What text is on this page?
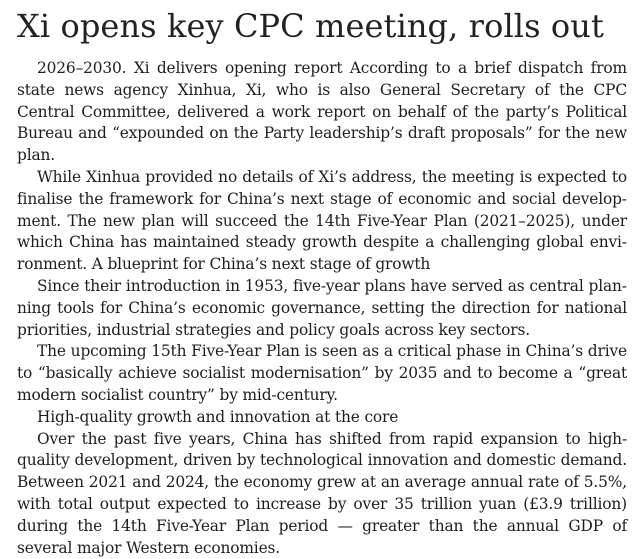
Xi opens key CPC meeting, rolls out

2026–2030. Xi delivers opening report According to a brief dispatch from state news agency Xinhua, Xi, who is also General Secretary of the CPC Central Committee, delivered a work report on behalf of the party’s Political Bureau and “expounded on the Party leadership’s draft proposals” for the new plan.

While Xinhua provided no details of Xi’s address, the meeting is expected to finalise the framework for China’s next stage of economic and social development. The new plan will succeed the 14th Five-Year Plan (2021–2025), under which China has maintained steady growth despite a challenging global environment. A blueprint for China’s next stage of growth

Since their introduction in 1953, five-year plans have served as central planning tools for China’s economic governance, setting the direction for national priorities, industrial strategies and policy goals across key sectors.

The upcoming 15th Five-Year Plan is seen as a critical phase in China’s drive to “basically achieve socialist modernisation” by 2035 and to become a “great modern socialist country” by mid-century.

High-quality growth and innovation at the core

Over the past five years, China has shifted from rapid expansion to high-quality development, driven by technological innovation and domestic demand. Between 2021 and 2024, the economy grew at an average annual rate of 5.5%, with total output expected to increase by over 35 trillion yuan (£3.9 trillion) during the 14th Five-Year Plan period — greater than the annual GDP of several major Western economies.
